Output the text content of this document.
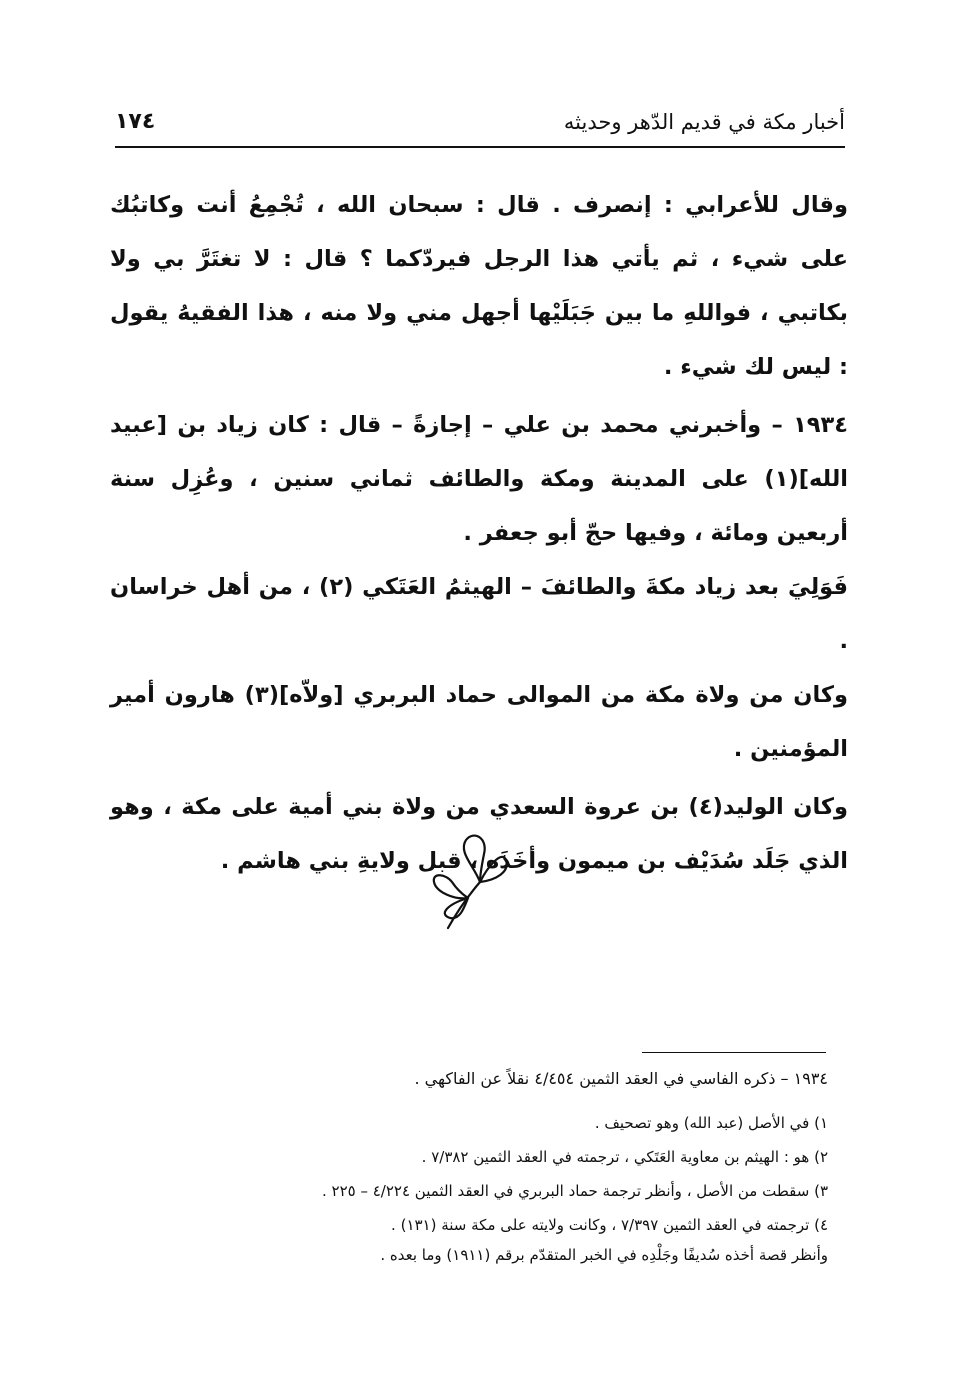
أخبار مكة في قديم الدّهر وحديثه
١٧٤

وقال للأعرابي : إنصرف . قال : سبحان الله ، تُجْمِعُ أنت وكاتبُك على شيء ، ثم يأتي هذا الرجل فيردّكما ؟ قال : لا تغتَرَّ بي ولا بكاتبي ، فواللهِ ما بين جَبَلَيْها أجهل مني ولا منه ، هذا الفقيهُ يقول : ليس لك شيء .

١٩٣٤ – وأخبرني محمد بن علي – إجازةً – قال : كان زياد بن [عبيد الله](١) على المدينة ومكة والطائف ثماني سنين ، وعُزِل سنة أربعين ومائة ، وفيها حجّ أبو جعفر .

فَوَلِيَ بعد زياد مكةَ والطائفَ – الهيثمُ العَتَكي (٢) ، من أهل خراسان .

وكان من ولاة مكة من الموالى حماد البربري [ولاّه](٣) هارون أمير المؤمنين .

وكان الوليد(٤) بن عروة السعدي من ولاة بني أمية على مكة ، وهو الذي جَلَد سُدَيْف بن ميمون وأخَذَه ، قبل ولايةِ بني هاشم .

١٩٣٤ – ذكره الفاسي في العقد الثمين ٤/٤٥٤ نقلاً عن الفاكهي .
١) في الأصل (عبد الله) وهو تصحيف .
٢) هو : الهيثم بن معاوية العَتَكي ، ترجمته في العقد الثمين ٧/٣٨٢ .
٣) سقطت من الأصل ، وأنظر ترجمة حماد البربري في العقد الثمين ٤/٢٢٤ – ٢٢٥ .
٤) ترجمته في العقد الثمين ٧/٣٩٧ ، وكانت ولايته على مكة سنة (١٣١) .
وأنظر قصة أخذه سُديفًا وجَلْدِه في الخبر المتقدّم برقم (١٩١١) وما بعده .
